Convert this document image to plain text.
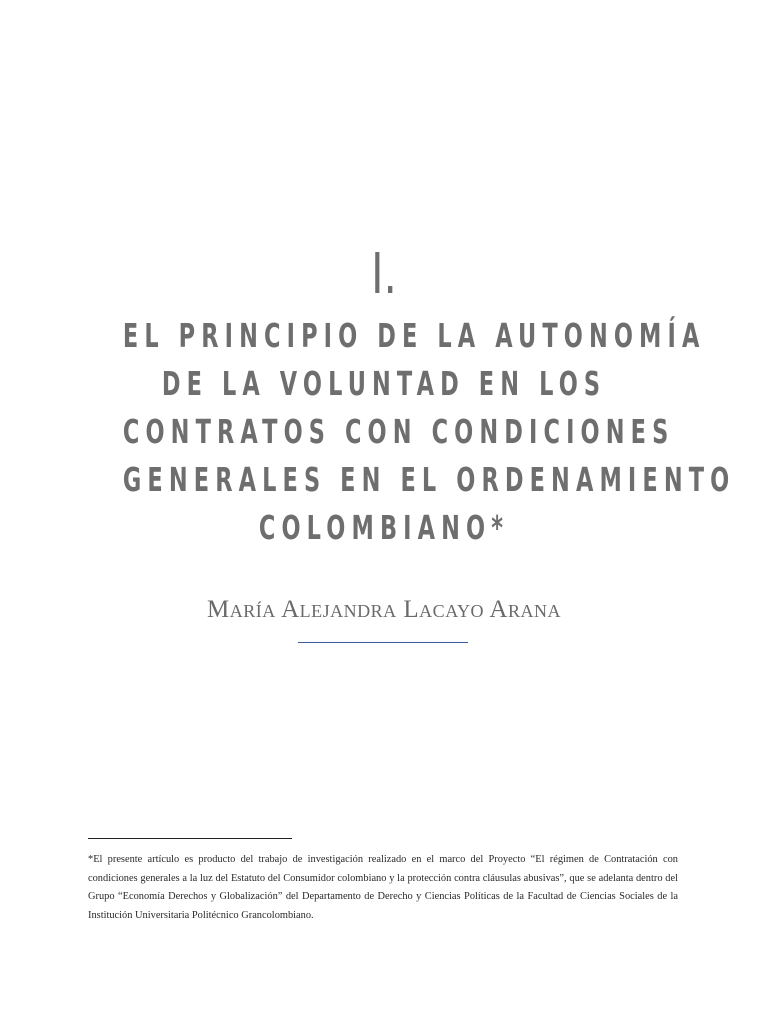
I.
EL PRINCIPIO DE LA AUTONOMÍA
DE LA VOLUNTAD EN LOS
CONTRATOS CON CONDICIONES
GENERALES EN EL ORDENAMIENTO
COLOMBIANO*
María Alejandra Lacayo Arana

*El presente artículo es producto del trabajo de investigación realizado en el marco del Proyecto “El régimen de Contratación con condiciones generales a la luz del Estatuto del Consumidor colombiano y la protección contra cláusulas abusivas”, que se adelanta dentro del Grupo “Economía Derechos y Globalización” del Departamento de Derecho y Ciencias Políticas de la Facultad de Ciencias Sociales de la Institución Universitaria Politécnico Grancolombiano.
